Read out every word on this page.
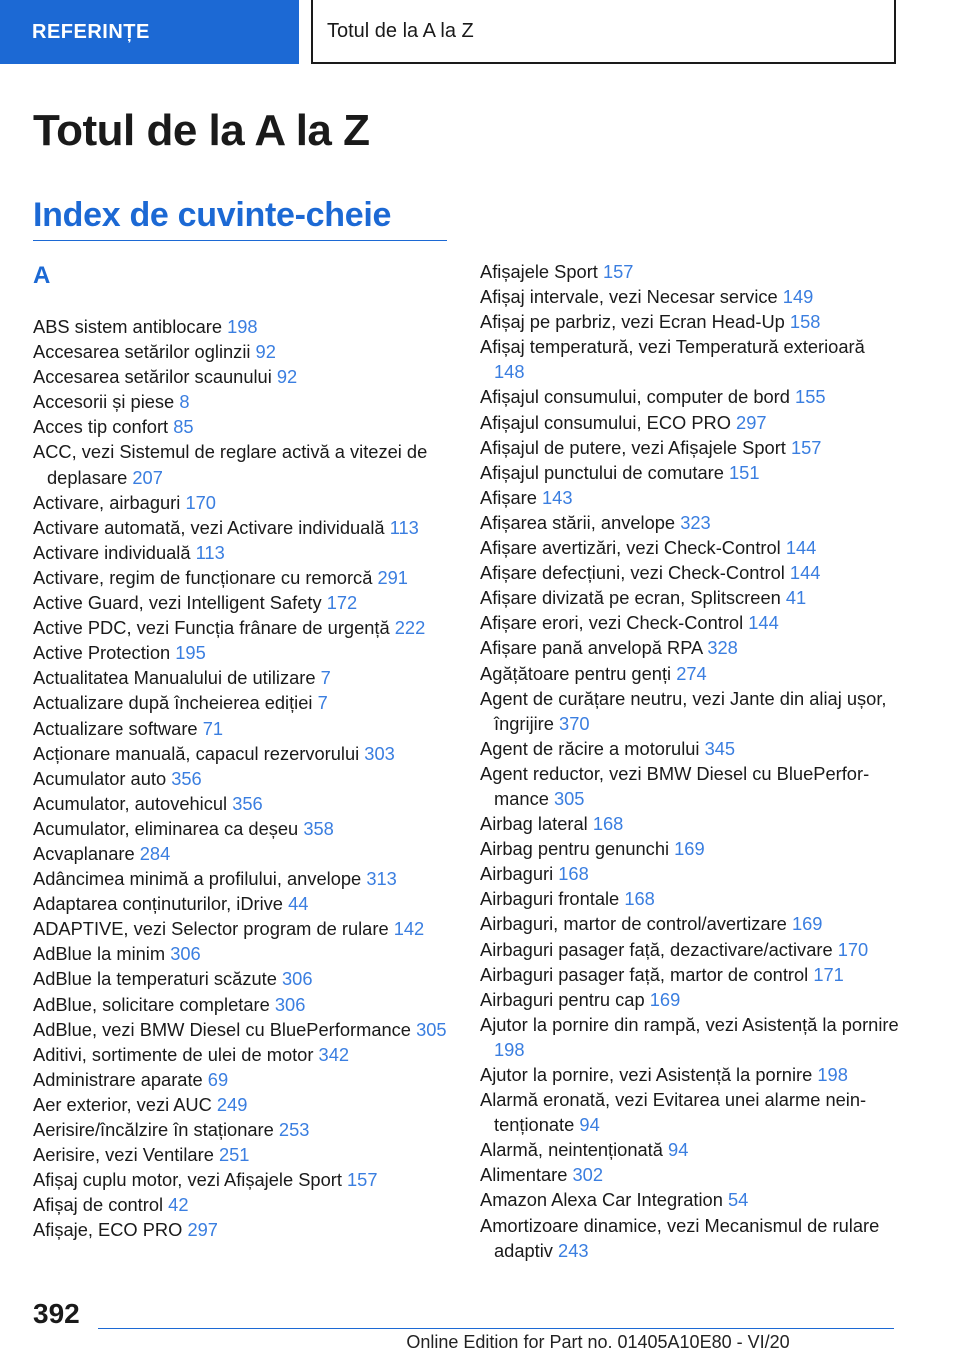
REFERINȚE	Totul de la A la Z
Totul de la A la Z
Index de cuvinte-cheie
A

ABS sistem antiblocare 198

Accesarea setărilor oglinzii 92

Accesarea setărilor scaunului 92

Accesorii și piese 8

Acces tip confort 85

ACC, vezi Sistemul de reglare activă a vitezei de deplasare 207

Activare, airbaguri 170

Activare automată, vezi Activare individuală 113

Activare individuală 113

Activare, regim de funcționare cu remorcă 291

Active Guard, vezi Intelligent Safety 172

Active PDC, vezi Funcția frânare de urgență 222

Active Protection 195

Actualitatea Manualului de utilizare 7

Actualizare după încheierea ediției 7

Actualizare software 71

Acționare manuală, capacul rezervorului 303

Acumulator auto 356

Acumulator, autovehicul 356

Acumulator, eliminarea ca deșeu 358

Acvaplanare 284

Adâncimea minimă a profilului, anvelope 313

Adaptarea conținuturilor, iDrive 44

ADAPTIVE, vezi Selector program de rulare 142

AdBlue la minim 306

AdBlue la temperaturi scăzute 306

AdBlue, solicitare completare 306

AdBlue, vezi BMW Diesel cu BluePerformance 305

Aditivi, sortimente de ulei de motor 342

Administrare aparate 69

Aer exterior, vezi AUC 249

Aerisire/încălzire în staționare 253

Aerisire, vezi Ventilare 251

Afișaj cuplu motor, vezi Afișajele Sport 157

Afișaj de control 42

Afișaje, ECO PRO 297

Afișajele Sport 157

Afișaj intervale, vezi Necesar service 149

Afișaj pe parbriz, vezi Ecran Head-Up 158

Afișaj temperatură, vezi Temperatură exterioară 148

Afișajul consumului, computer de bord 155

Afișajul consumului, ECO PRO 297

Afișajul de putere, vezi Afișajele Sport 157

Afișajul punctului de comutare 151

Afișare 143

Afișarea stării, anvelope 323

Afișare avertizări, vezi Check-Control 144

Afișare defecțiuni, vezi Check-Control 144

Afișare divizată pe ecran, Splitscreen 41

Afișare erori, vezi Check-Control 144

Afișare pană anvelopă RPA 328

Agățătoare pentru genți 274

Agent de curățare neutru, vezi Jante din aliaj ușor, îngrijire 370

Agent de răcire a motorului 345

Agent reductor, vezi BMW Diesel cu BluePerformance 305

Airbag lateral 168

Airbag pentru genunchi 169

Airbaguri 168

Airbaguri frontale 168

Airbaguri, martor de control/avertizare 169

Airbaguri pasager față, dezactivare/activare 170

Airbaguri pasager față, martor de control 171

Airbaguri pentru cap 169

Ajutor la pornire din rampă, vezi Asistență la pornire 198

Ajutor la pornire, vezi Asistență la pornire 198

Alarmă eronată, vezi Evitarea unei alarme neintenționate 94

Alarmă, neintenționată 94

Alimentare 302

Amazon Alexa Car Integration 54

Amortizoare dinamice, vezi Mecanismul de rulare adaptiv 243

392
Online Edition for Part no. 01405A10E80 - VI/20
